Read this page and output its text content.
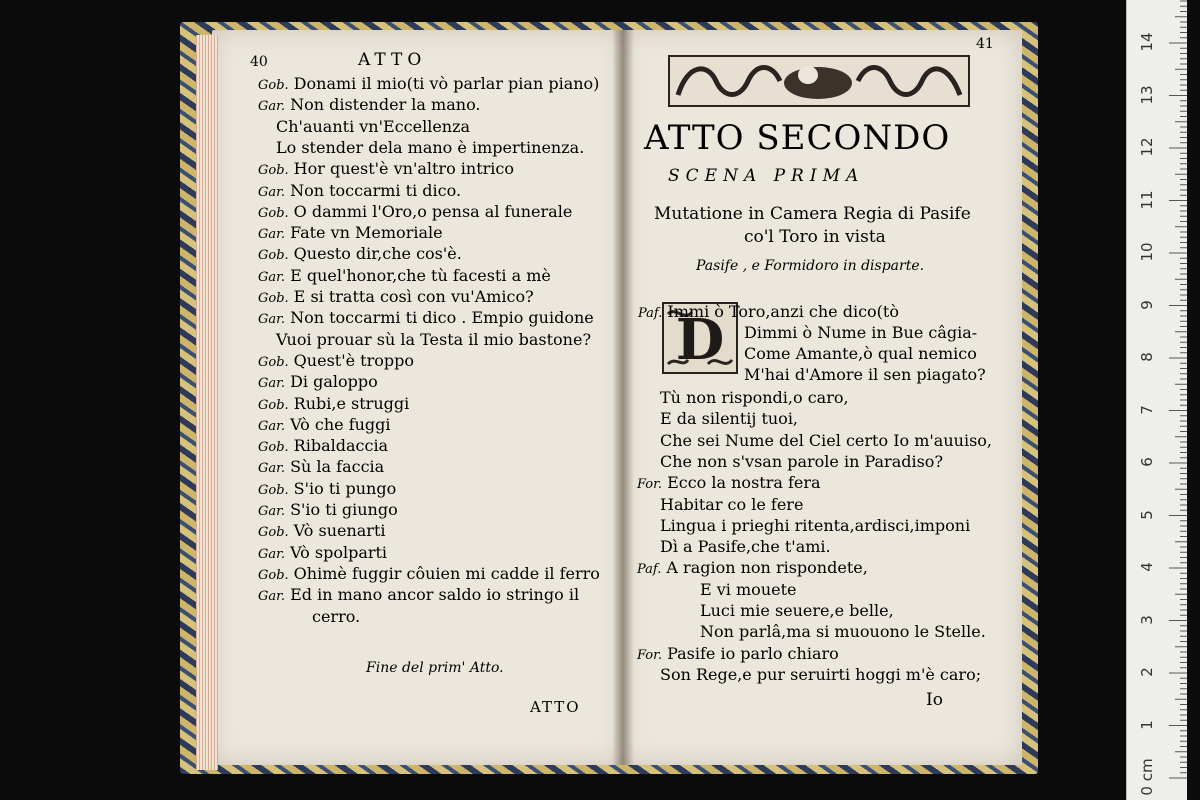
40	ATTO
Gob. Donami il mio(ti vò parlar pian piano)
Gar. Non distender la mano.
Ch'auanti vn'Eccellenza
Lo stender dela mano è impertinenza.
Gob. Hor quest'è vn'altro intrico
Gar. Non toccarmi ti dico.
Gob. O dammi l'Oro,o pensa al funerale
Gar. Fate vn Memoriale
Gob. Questo dir,che cos'è.
Gar. E quel'honor,che tù facesti a mè
Gob. E si tratta così con vu'Amico?
Gar. Non toccarmi ti dico . Empio guidone
Vuoi prouar sù la Testa il mio bastone?
Gob. Quest'è troppo
Gar. Di galoppo
Gob. Rubi,e struggi
Gar. Vò che fuggi
Gob. Ribaldaccia
Gar. Sù la faccia
Gob. S'io ti pungo
Gar. S'io ti giungo
Gob. Vò suenarti
Gar. Vò spolparti
Gob. Ohimè fuggir côuien mi cadde il ferro
Gar. Ed in mano ancor saldo io stringo il
cerro.
Fine del prim' Atto.
ATTO
41
ATTO SECONDO
SCENA PRIMA
Mutatione in Camera Regia di Pasife
co'l Toro in vista
Pasife , e Formidoro in disparte.
D
Paf. Immi ò Toro,anzi che dico(tò
Dimmi ò Nume in Bue câgia-
Come Amante,ò qual nemico
M'hai d'Amore il sen piagato?
Tù non rispondi,o caro,
E da silentij tuoi,
Che sei Nume del Ciel certo Io m'auuiso,
Che non s'vsan parole in Paradiso?
For. Ecco la nostra fera
Habitar co le fere
Lingua i prieghi ritenta,ardisci,imponi
Dì a Pasife,che t'ami.
Paf. A ragion non rispondete,
E vi mouete
Luci mie seuere,e belle,
Non parlâ,ma si muouono le Stelle.
For. Pasife io parlo chiaro
Son Rege,e pur seruirti hoggi m'è caro;
Io
14
13
12
11
10
9
8
7
6
5
4
3
2
1
0 cm
